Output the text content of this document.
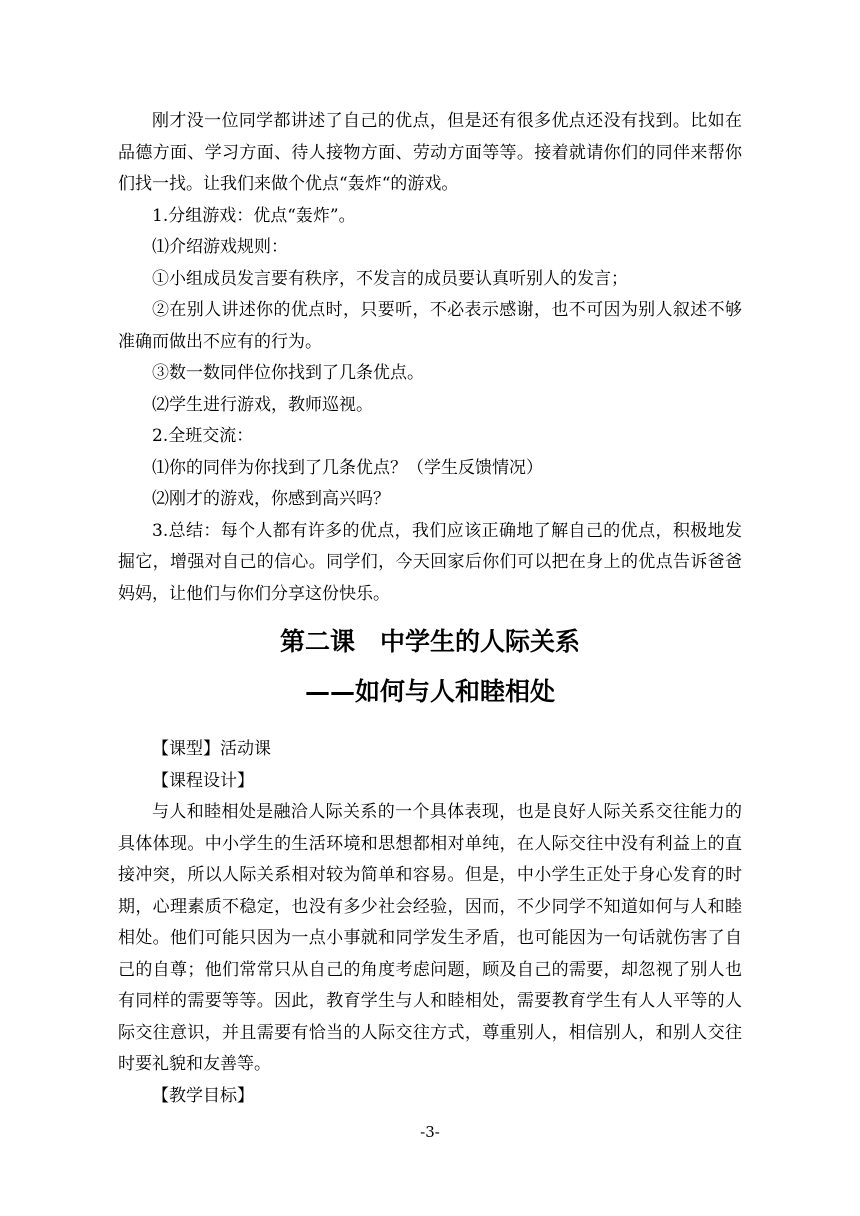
刚才没一位同学都讲述了自己的优点，但是还有很多优点还没有找到。比如在品德方面、学习方面、待人接物方面、劳动方面等等。接着就请你们的同伴来帮你们找一找。让我们来做个优点“轰炸“的游戏。

1.分组游戏：优点“轰炸”。

⑴介绍游戏规则：

①小组成员发言要有秩序，不发言的成员要认真听别人的发言；

②在别人讲述你的优点时，只要听，不必表示感谢，也不可因为别人叙述不够准确而做出不应有的行为。

③数一数同伴位你找到了几条优点。

⑵学生进行游戏，教师巡视。

2.全班交流：

⑴你的同伴为你找到了几条优点？（学生反馈情况）

⑵刚才的游戏，你感到高兴吗？

3.总结：每个人都有许多的优点，我们应该正确地了解自己的优点，积极地发掘它，增强对自己的信心。同学们，今天回家后你们可以把在身上的优点告诉爸爸妈妈，让他们与你们分享这份快乐。

第二课　中学生的人际关系

——如何与人和睦相处

【课型】活动课

【课程设计】

与人和睦相处是融洽人际关系的一个具体表现，也是良好人际关系交往能力的具体体现。中小学生的生活环境和思想都相对单纯，在人际交往中没有利益上的直接冲突，所以人际关系相对较为简单和容易。但是，中小学生正处于身心发育的时期，心理素质不稳定，也没有多少社会经验，因而，不少同学不知道如何与人和睦相处。他们可能只因为一点小事就和同学发生矛盾，也可能因为一句话就伤害了自己的自尊；他们常常只从自己的角度考虑问题，顾及自己的需要，却忽视了别人也有同样的需要等等。因此，教育学生与人和睦相处，需要教育学生有人人平等的人际交往意识，并且需要有恰当的人际交往方式，尊重别人，相信别人，和别人交往时要礼貌和友善等。

【教学目标】

-3-
